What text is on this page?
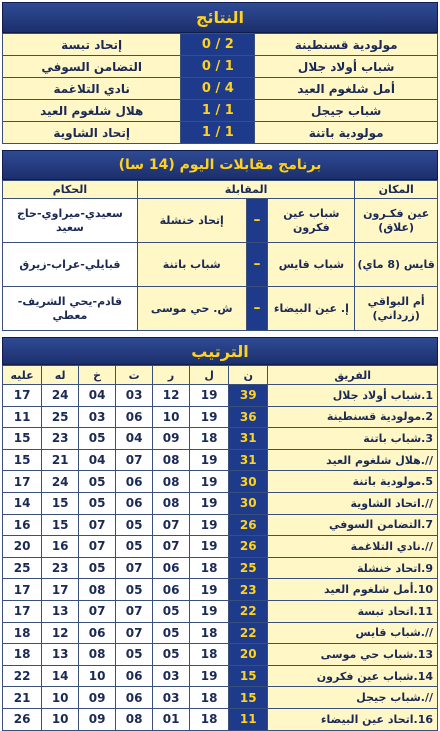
النتائج
مولودية قسنطينة	0 / 2	إتحاد تبسة
شباب أولاد جلال	0 / 1	التضامن السوفي
أمل شلغوم العيد	0 / 4	نادي التلاغمة
شباب جيجل	1 / 1	هلال شلغوم العيد
مولودية باتنة	1 / 1	إتحاد الشاوية
برنامج مقابلات اليوم (14 سا)
المكان	المقابلة			الحكام
عين فكـرون (علاق)	شباب عين فكرون	–	إتحاد خنشلة	سعيدي-ميراوي-حاج سعيد
قايس (8 ماي)	شباب قايس	–	شباب باتنة	قبايلي-عراب-زيرق
أم البواقي (زرداني)	إ. عين البيضاء	–	ش. حي موسى	قادم-يحي الشريف-معطي
الترتيب
الفريق	ن	ل	ر	ت	خ	له	عليه
1.شباب أولاد جلال	39	19	12	03	04	24	17
2.مولودية قسنطينة	36	19	10	06	03	25	11
3.شباب باتنة	31	18	09	04	05	23	15
//.هلال شلغوم العيد	31	19	08	07	04	21	15
5.مولودية باتنة	30	19	08	06	05	24	17
//.اتحاد الشاوية	30	19	08	06	05	15	14
7.التضامن السوفي	26	19	07	05	07	15	16
//.نادي التلاغمة	26	19	07	05	07	16	20
9.اتحاد خنشلة	25	18	06	07	05	23	25
10.أمل شلغوم العيد	23	19	06	05	08	17	17
11.اتحاد تبسة	22	19	05	07	07	13	17
//.شباب قايس	22	18	05	07	06	12	18
13.شباب حي موسى	20	18	05	05	08	13	18
14.شباب عين فكرون	15	19	03	06	10	14	22
//.شباب جيجل	15	18	03	06	09	10	21
16.اتحاد عين البيضاء	11	18	01	08	09	10	26
